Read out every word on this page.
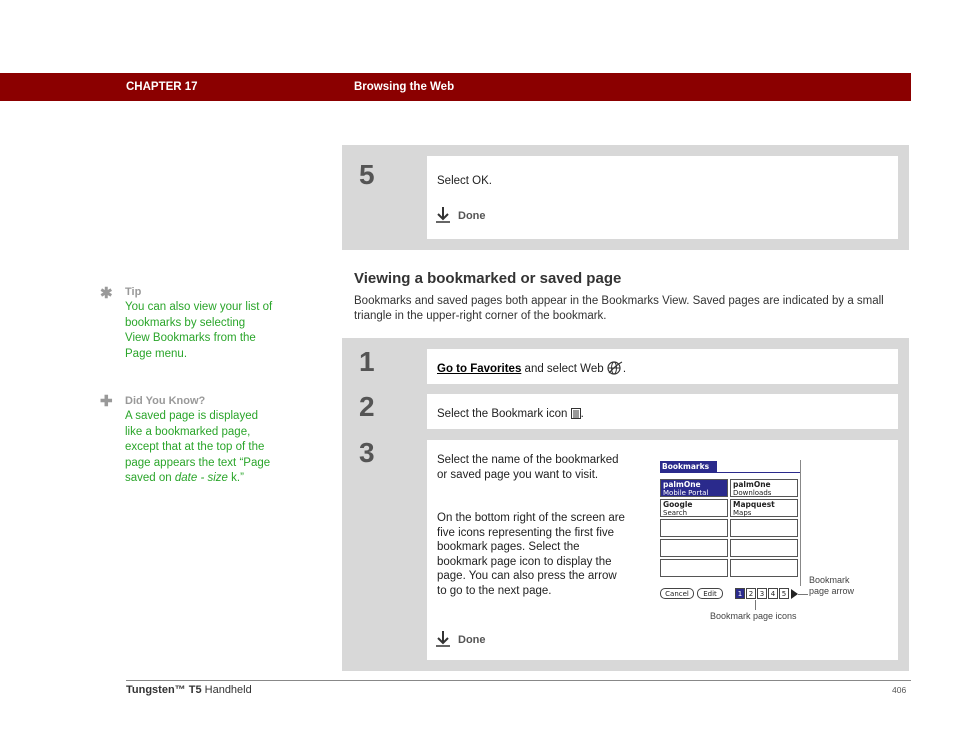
CHAPTER 17	Browsing the Web
5	Select OK.
Done
✱ Tip
You can also view your list of bookmarks by selecting View Bookmarks from the Page menu.
✚ Did You Know?
A saved page is displayed like a bookmarked page, except that at the top of the page appears the text “Page saved on date - size k.”
Viewing a bookmarked or saved page
Bookmarks and saved pages both appear in the Bookmarks View. Saved pages are indicated by a small triangle in the upper-right corner of the bookmark.
1	Go to Favorites and select Web .
2	Select the Bookmark icon .
3	Select the name of the bookmarked or saved page you want to visit.
On the bottom right of the screen are five icons representing the first five bookmark pages. Select the bookmark page icon to display the page. You can also press the arrow to go to the next page.
Done
Bookmarks
palmOne
Mobile Portal
palmOne
Downloads
Google
Search
Mapquest
Maps
Cancel	Edit	1 2 3 4 5
Bookmark page arrow
Bookmark page icons
Tungsten™ T5 Handheld	406
